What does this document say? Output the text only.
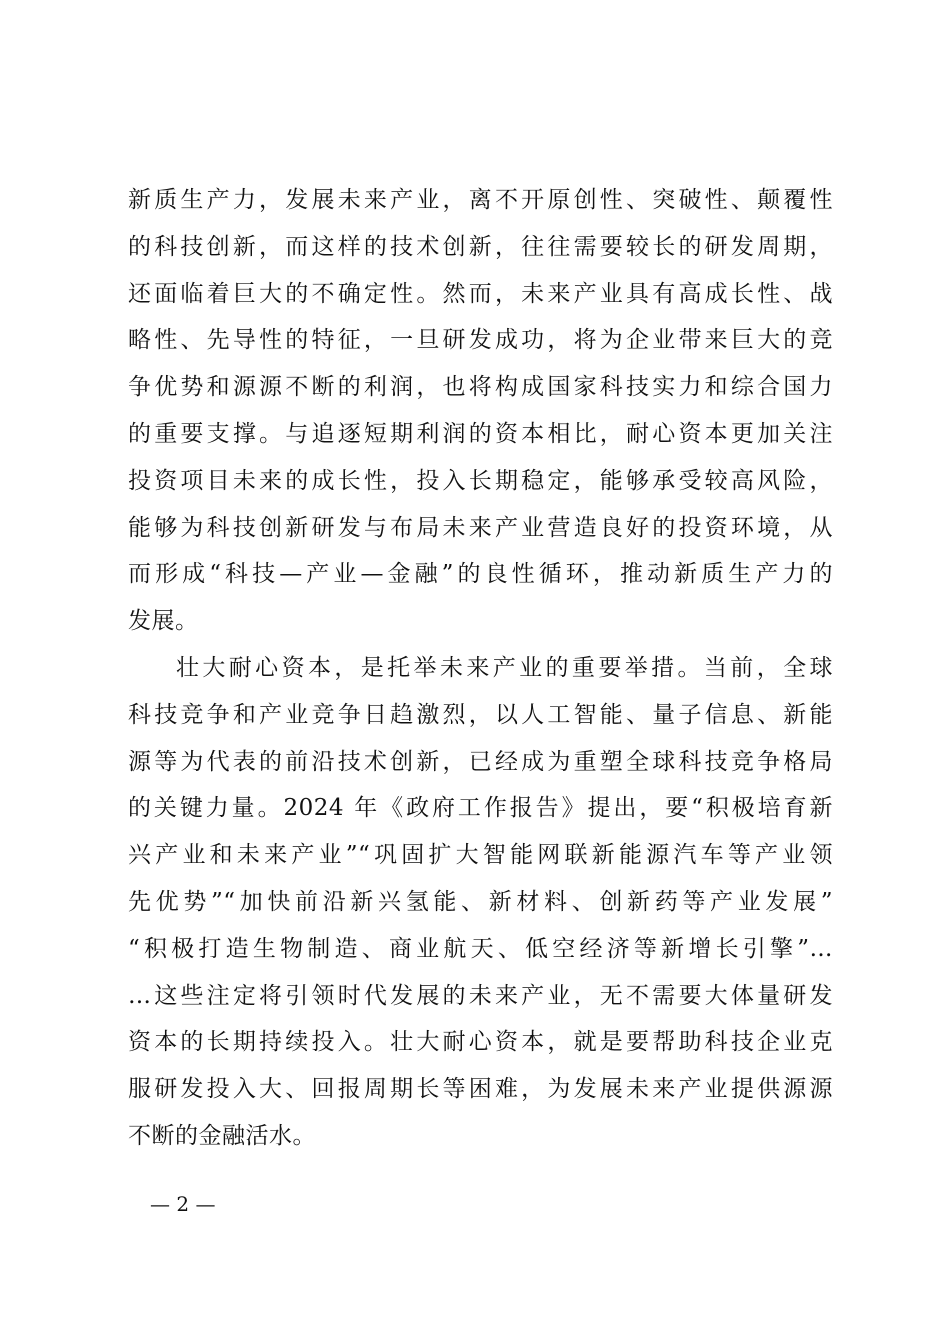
新质生产力，发展未来产业，离不开原创性、突破性、颠覆性
的科技创新，而这样的技术创新，往往需要较长的研发周期，
还面临着巨大的不确定性。然而，未来产业具有高成长性、战
略性、先导性的特征，一旦研发成功，将为企业带来巨大的竞
争优势和源源不断的利润，也将构成国家科技实力和综合国力
的重要支撑。与追逐短期利润的资本相比，耐心资本更加关注
投资项目未来的成长性，投入长期稳定，能够承受较高风险，
能够为科技创新研发与布局未来产业营造良好的投资环境，从
而形成“科技—产业—金融”的良性循环，推动新质生产力的
发展。
壮大耐心资本，是托举未来产业的重要举措。当前，全球
科技竞争和产业竞争日趋激烈，以人工智能、量子信息、新能
源等为代表的前沿技术创新，已经成为重塑全球科技竞争格局
的关键力量。2024 年《政府工作报告》提出，要“积极培育新
兴产业和未来产业”“巩固扩大智能网联新能源汽车等产业领
先优势”“加快前沿新兴氢能、新材料、创新药等产业发展”
“积极打造生物制造、商业航天、低空经济等新增长引擎”…
…这些注定将引领时代发展的未来产业，无不需要大体量研发
资本的长期持续投入。壮大耐心资本，就是要帮助科技企业克
服研发投入大、回报周期长等困难，为发展未来产业提供源源
不断的金融活水。
— 2 —
